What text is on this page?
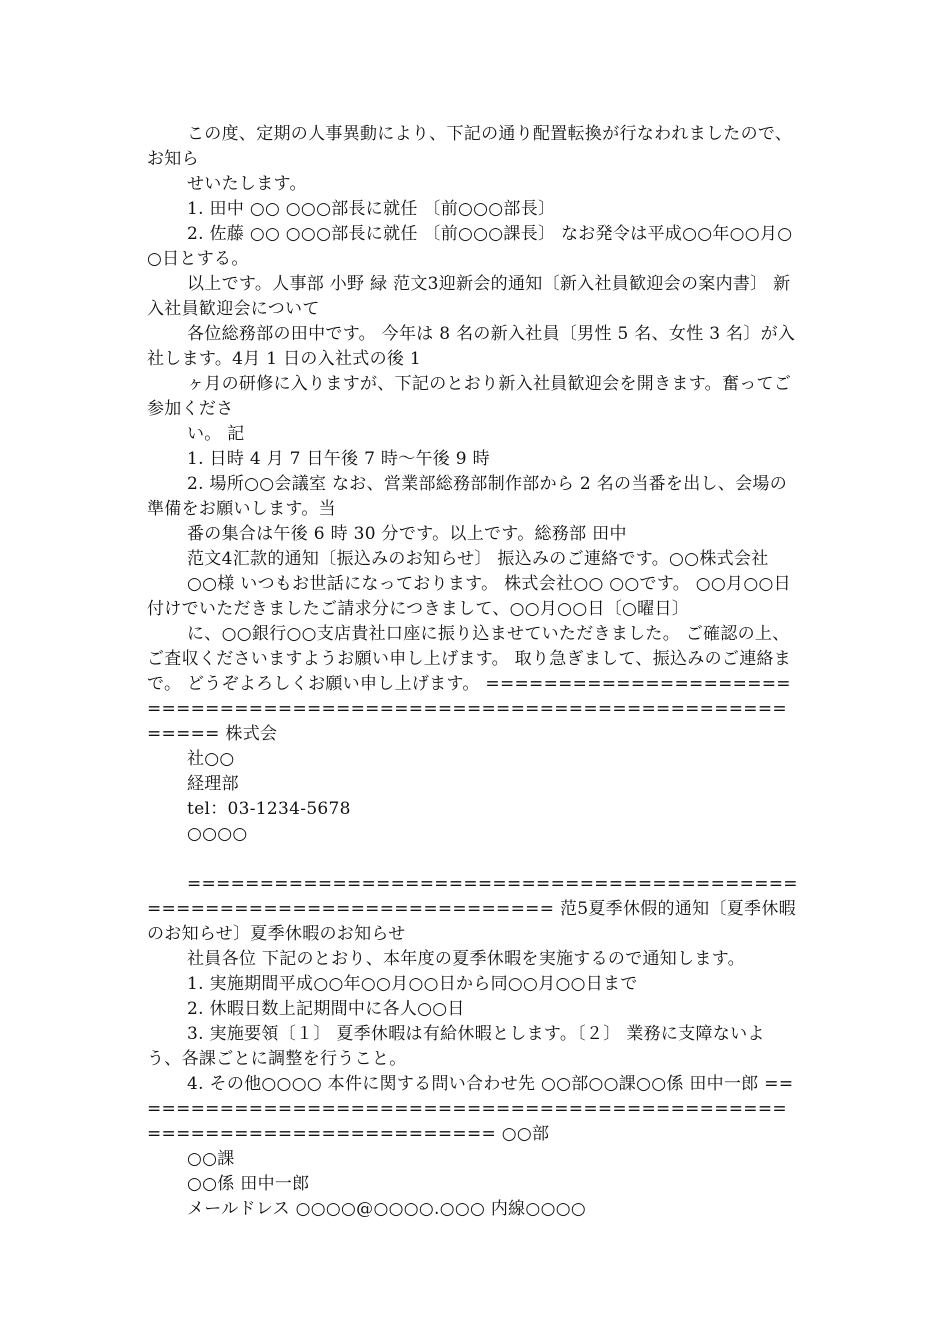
この度、定期の人事異動により、下記の通り配置転換が行なわれましたので、お知ら

せいたします。

1. 田中 ○○ ○○○部長に就任 〔前○○○部長〕

2. 佐藤 ○○ ○○○部長に就任 〔前○○○課長〕 なお発令は平成○○年○○月○○日とする。

以上です。人事部 小野 緑 范文3迎新会的通知〔新入社員歓迎会の案内書〕 新入社員歓迎会について

各位総務部の田中です。 今年は 8 名の新入社員〔男性 5 名、女性 3 名〕が入社します。4月 1 日の入社式の後 1

ヶ月の研修に入りますが、下記のとおり新入社員歓迎会を開きます。奮ってご参加くださ

い。 記

1. 日時 4 月 7 日午後 7 時～午後 9 時

2. 場所○○会議室 なお、営業部総務部制作部から 2 名の当番を出し、会場の準備をお願いします。当

番の集合は午後 6 時 30 分です。以上です。総務部 田中

范文4汇款的通知〔振込みのお知らせ〕 振込みのご連絡です。○○株式会社

○○様 いつもお世話になっております。 株式会社○○ ○○です。 ○○月○○日付けでいただきましたご請求分につきまして、○○月○○日〔○曜日〕

に、○○銀行○○支店貴社口座に振り込ませていただきました。 ご確認の上、ご査収くださいますようお願い申し上げます。 取り急ぎまして、振込みのご連絡まで。 どうぞよろしくお願い申し上げます。 ====================================================================== 株式会

社○○

経理部

tel：03-1234-5678

○○○○

====================================================================== 范5夏季休假的通知〔夏季休暇のお知らせ〕夏季休暇のお知らせ

社員各位 下記のとおり、本年度の夏季休暇を実施するので通知します。

1. 実施期間平成○○年○○月○○日から同○○月○○日まで

2. 休暇日数上記期間中に各人○○日

3. 実施要領〔１〕 夏季休暇は有給休暇とします。〔２〕 業務に支障ないよう、各課ごとに調整を行うこと。

4. その他○○○○ 本件に関する問い合わせ先 ○○部○○課○○係 田中一郎 ====================================================================== ○○部

○○課

○○係 田中一郎

メールドレス ○○○○@○○○○.○○○ 内線○○○○
